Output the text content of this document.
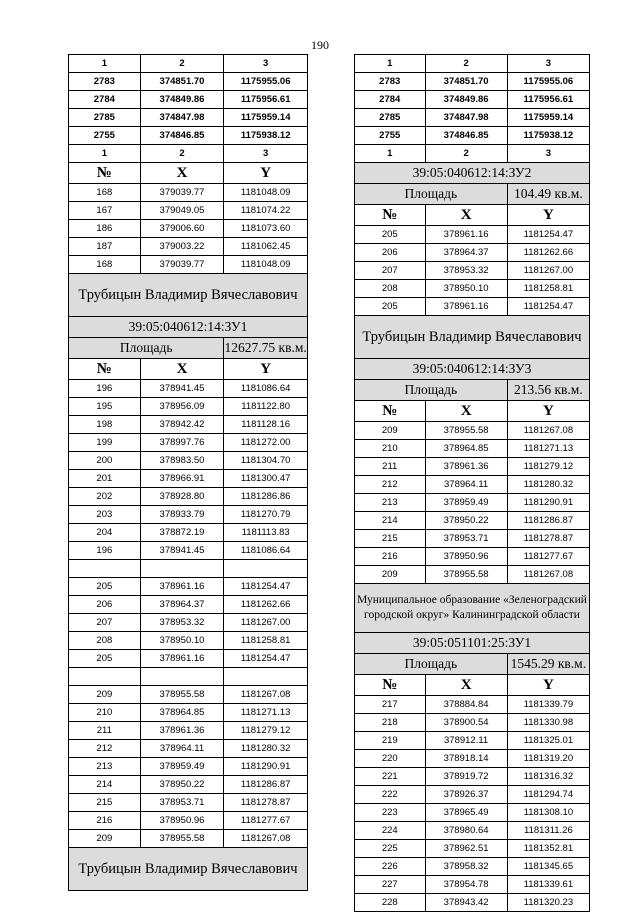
190
1	2	3
2783	374851.70	1175955.06
2784	374849.86	1175956.61
2785	374847.98	1175959.14
2755	374846.85	1175938.12
1	2	3
№	X	Y
168	379039.77	1181048.09
167	379049.05	1181074.22
186	379006.60	1181073.60
187	379003.22	1181062.45
168	379039.77	1181048.09
Трубицын Владимир Вячеславович		
39:05:040612:14:ЗУ1		
Площадь		12627.75 кв.м.
№	X	Y
196	378941.45	1181086.64
195	378956.09	1181122.80
198	378942.42	1181128.16
199	378997.76	1181272.00
200	378983.50	1181304.70
201	378966.91	1181300.47
202	378928.80	1181286.86
203	378933.79	1181270.79
204	378872.19	1181113.83
196	378941.45	1181086.64

205	378961.16	1181254.47
206	378964.37	1181262.66
207	378953.32	1181267.00
208	378950.10	1181258.81
205	378961.16	1181254.47

209	378955.58	1181267.08
210	378964.85	1181271.13
211	378961.36	1181279.12
212	378964.11	1181280.32
213	378959.49	1181290.91
214	378950.22	1181286.87
215	378953.71	1181278.87
216	378950.96	1181277.67
209	378955.58	1181267.08
Трубицын Владимир Вячеславович		
1	2	3
2783	374851.70	1175955.06
2784	374849.86	1175956.61
2785	374847.98	1175959.14
2755	374846.85	1175938.12
1	2	3
39:05:040612:14:ЗУ2		
Площадь		104.49 кв.м.
№	X	Y
205	378961.16	1181254.47
206	378964.37	1181262.66
207	378953.32	1181267.00
208	378950.10	1181258.81
205	378961.16	1181254.47
Трубицын Владимир Вячеславович		
39:05:040612:14:ЗУ3		
Площадь		213.56 кв.м.
№	X	Y
209	378955.58	1181267.08
210	378964.85	1181271.13
211	378961.36	1181279.12
212	378964.11	1181280.32
213	378959.49	1181290.91
214	378950.22	1181286.87
215	378953.71	1181278.87
216	378950.96	1181277.67
209	378955.58	1181267.08
Муниципальное образование «Зеленоградский городской округ» Калининградской области		
39:05:051101:25:ЗУ1		
Площадь		1545.29 кв.м.
№	X	Y
217	378884.84	1181339.79
218	378900.54	1181330.98
219	378912.11	1181325.01
220	378918.14	1181319.20
221	378919.72	1181316.32
222	378926.37	1181294.74
223	378965.49	1181308.10
224	378980.64	1181311.26
225	378962.51	1181352.81
226	378958.32	1181345.65
227	378954.78	1181339.61
228	378943.42	1181320.23
